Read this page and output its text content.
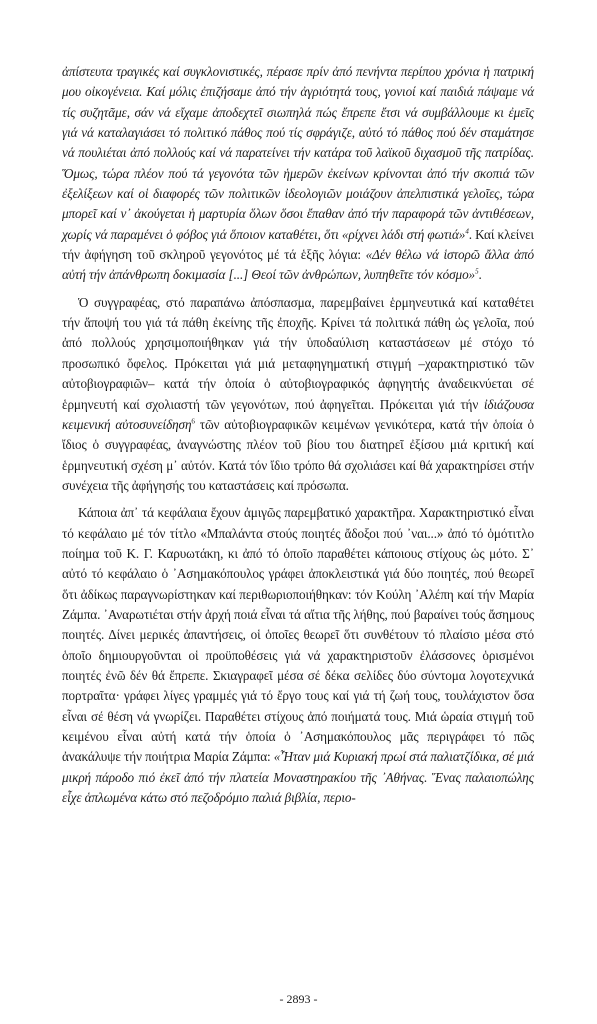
ἀπίστευτα τραγικές καί συγκλονιστικές, πέρασε πρίν ἀπό πενήντα περίπου χρόνια ἡ πατρική μου οἰκογένεια. Καί μόλις ἐπιζήσαμε ἀπό τήν ἀγριότητά τους, γονιοί καί παιδιά πάψαμε νά τίς συζητᾶμε, σάν νά εἴχαμε ἀποδεχτεῖ σιωπηλά πώς ἔπρεπε ἔτσι νά συμβάλλουμε κι ἐμεῖς γιά νά καταλαγιάσει τό πολιτικό πάθος πού τίς σφράγιζε, αὐτό τό πάθος πού δέν σταμάτησε νά πουλιέται ἀπό πολλούς καί νά παρατείνει τήν κατάρα τοῦ λαϊκοῦ διχασμοῦ τῆς πατρίδας. Ὅμως, τώρα πλέον πού τά γεγονότα τῶν ἡμερῶν ἐκείνων κρίνονται ἀπό τήν σκοπιά τῶν ἐξελίξεων καί οἱ διαφορές τῶν πολιτικῶν ἰδεολογιῶν μοιάζουν ἀπελπιστικά γελοῖες, τώρα μπορεῖ καί ν᾽ ἀκούγεται ἡ μαρτυρία ὅλων ὅσοι ἔπαθαν ἀπό τήν παραφορά τῶν ἀντιθέσεων, χωρίς νά παραμένει ὁ φόβος γιά ὅποιον καταθέτει, ὅτι «ρίχνει λάδι στή φωτιά»$^4$. Καί κλείνει τήν ἀφήγηση τοῦ σκληροῦ γεγονότος μέ τά ἑξῆς λόγια: «Δέν θέλω νά ἱστορῶ ἄλλα ἀπό αὐτή τήν ἀπάνθρωπη δοκιμασία [...] Θεοί τῶν ἀνθρώπων, λυπηθεῖτε τόν κόσμο»$^5$.

Ὁ συγγραφέας, στό παραπάνω ἀπόσπασμα, παρεμβαίνει ἑρμηνευτικά καί καταθέτει τήν ἄποψή του γιά τά πάθη ἐκείνης τῆς ἐποχῆς. Κρίνει τά πολιτικά πάθη ὡς γελοῖα, πού ἀπό πολλούς χρησιμοποιήθηκαν γιά τήν ὑποδαύλιση καταστάσεων μέ στόχο τό προσωπικό ὄφελος. Πρόκειται γιά μιά μεταφηγηματική στιγμή –χαρακτηριστικό τῶν αὐτοβιογραφιῶν– κατά τήν ὁποία ὁ αὐτοβιογραφικός ἀφηγητής ἀναδεικνύεται σέ ἑρμηνευτή καί σχολιαστή τῶν γεγονότων, πού ἀφηγεῖται. Πρόκειται γιά τήν ἰδιάζουσα κειμενική αὐτοσυνείδηση$^6$ τῶν αὐτοβιογραφικῶν κειμένων γενικότερα, κατά τήν ὁποία ὁ ἴδιος ὁ συγγραφέας, ἀναγνώστης πλέον τοῦ βίου του διατηρεῖ ἐξίσου μιά κριτική καί ἑρμηνευτική σχέση μ᾽ αὐτόν. Κατά τόν ἴδιο τρόπο θά σχολιάσει καί θά χαρακτηρίσει στήν συνέχεια τῆς ἀφήγησής του καταστάσεις καί πρόσωπα.

Κάποια ἀπ᾽ τά κεφάλαια ἔχουν ἀμιγῶς παρεμβατικό χαρακτῆρα. Χαρακτηριστικό εἶναι τό κεφάλαιο μέ τόν τίτλο «Μπαλάντα στούς ποιητές ἄδοξοι πού ᾽ναι...» ἀπό τό ὁμότιτλο ποίημα τοῦ Κ. Γ. Καρυωτάκη, κι ἀπό τό ὁποῖο παραθέτει κάποιους στίχους ὡς μότο. Σ᾽ αὐτό τό κεφάλαιο ὁ ᾽Ασημακόπουλος γράφει ἀποκλειστικά γιά δύο ποιητές, πού θεωρεῖ ὅτι ἀδίκως παραγνωρίστηκαν καί περιθωριοποιήθηκαν: τόν Κούλη ᾽Αλέπη καί τήν Μαρία Ζάμπα. ᾽Αναρωτιέται στήν ἀρχή ποιά εἶναι τά αἴτια τῆς λήθης, πού βαραίνει τούς ἄσημους ποιητές. Δίνει μερικές ἀπαντήσεις, οἱ ὁποῖες θεωρεῖ ὅτι συνθέτουν τό πλαίσιο μέσα στό ὁποῖο δημιουργοῦνται οἱ προϋποθέσεις γιά νά χαρακτηριστοῦν ἐλάσσονες ὁρισμένοι ποιητές ἐνῶ δέν θά ἔπρεπε. Σκιαγραφεῖ μέσα σέ δέκα σελίδες δύο σύντομα λογοτεχνικά πορτραῖτα· γράφει λίγες γραμμές γιά τό ἔργο τους καί γιά τή ζωή τους, τουλάχιστον ὅσα εἶναι σέ θέση νά γνωρίζει. Παραθέτει στίχους ἀπό ποιήματά τους. Μιά ὡραία στιγμή τοῦ κειμένου εἶναι αὐτή κατά τήν ὁποία ὁ ᾽Ασημακόπουλος μᾶς περιγράφει τό πῶς ἀνακάλυψε τήν ποιήτρια Μαρία Ζάμπα: «Ἦταν μιά Κυριακή πρωί στά παλιατζίδικα, σέ μιά μικρή πάροδο πιό ἐκεῖ ἀπό τήν πλατεία Μοναστηρακίου τῆς ᾽Αθήνας. Ἕνας παλαιοπώλης εἶχε ἁπλωμένα κάτω στό πεζοδρόμιο παλιά βιβλία, περιο-

- 2893 -
